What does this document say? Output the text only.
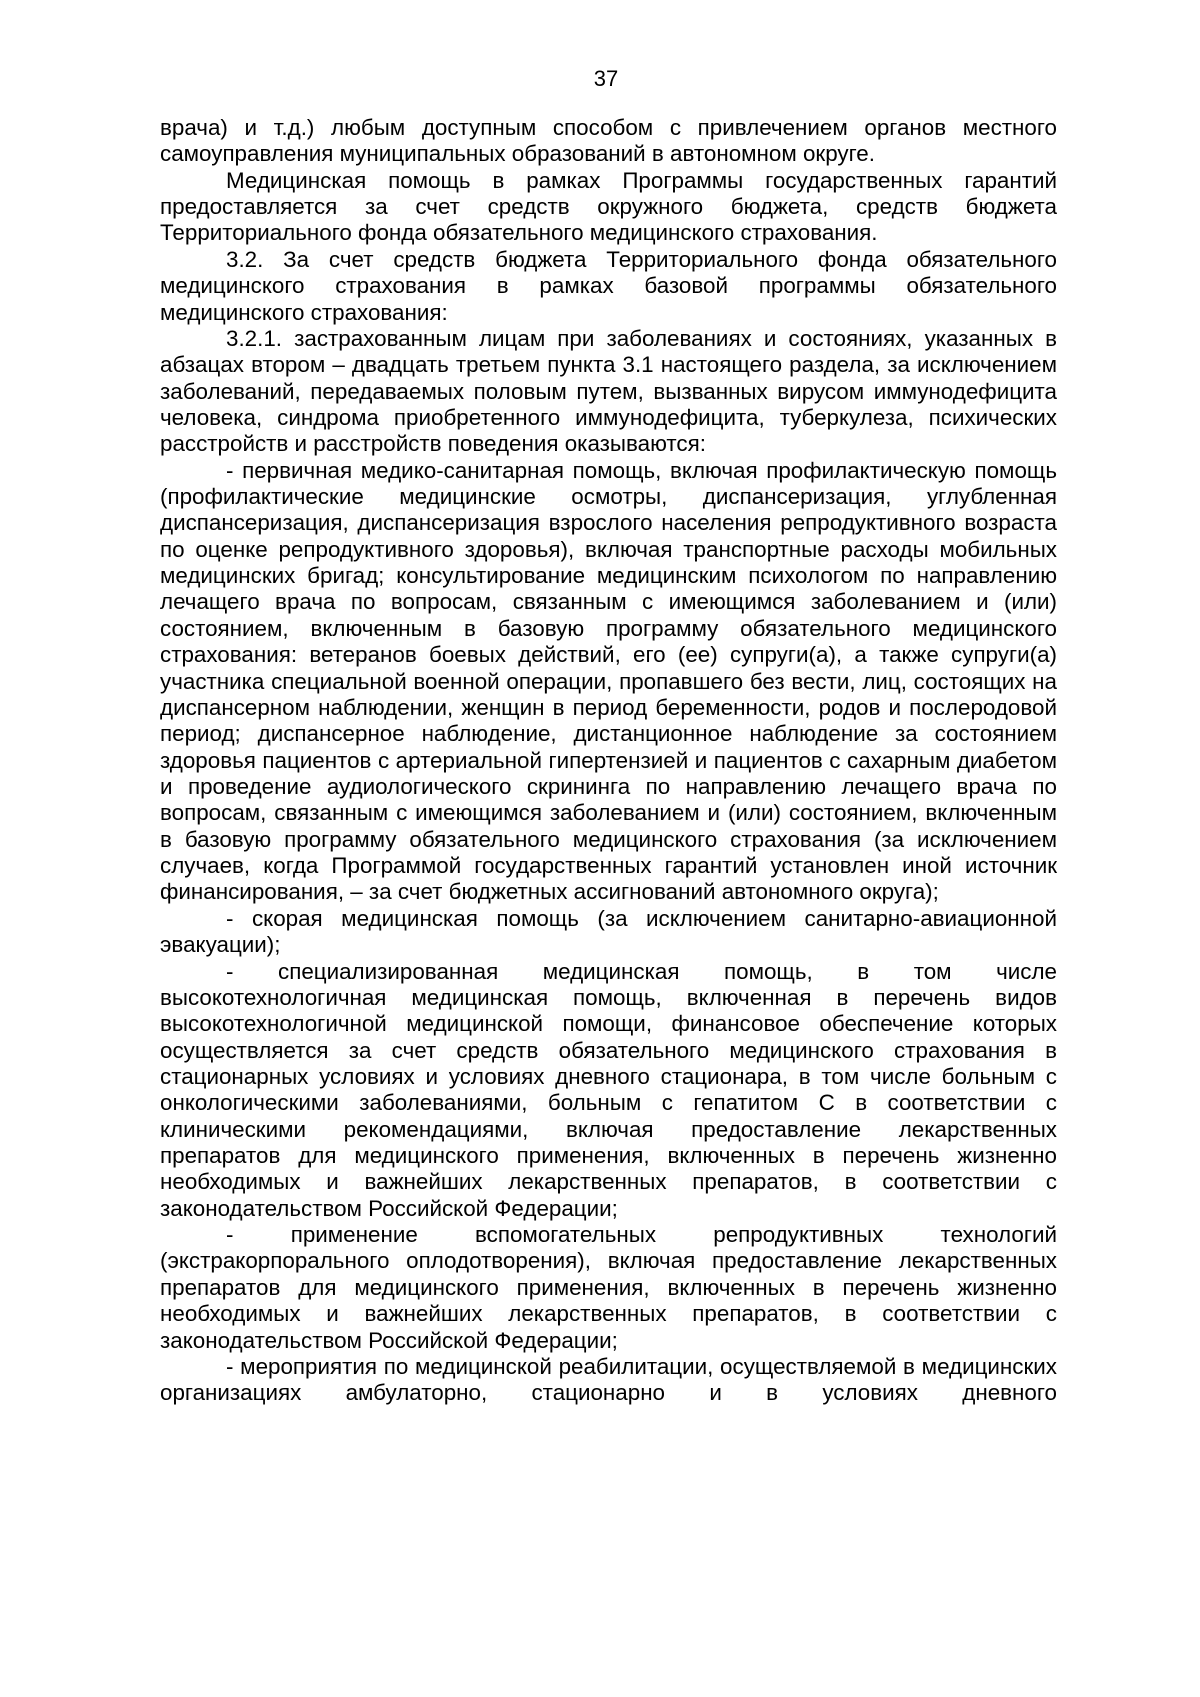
37

врача) и т.д.) любым доступным способом с привлечением органов местного самоуправления муниципальных образований в автономном округе.

Медицинская помощь в рамках Программы государственных гарантий предоставляется за счет средств окружного бюджета, средств бюджета Территориального фонда обязательного медицинского страхования.

3.2. За счет средств бюджета Территориального фонда обязательного медицинского страхования в рамках базовой программы обязательного медицинского страхования:

3.2.1. застрахованным лицам при заболеваниях и состояниях, указанных в абзацах втором – двадцать третьем пункта 3.1 настоящего раздела, за исключением заболеваний, передаваемых половым путем, вызванных вирусом иммунодефицита человека, синдрома приобретенного иммунодефицита, туберкулеза, психических расстройств и расстройств поведения оказываются:

- первичная медико-санитарная помощь, включая профилактическую помощь (профилактические медицинские осмотры, диспансеризация, углубленная диспансеризация, диспансеризация взрослого населения репродуктивного возраста по оценке репродуктивного здоровья), включая транспортные расходы мобильных медицинских бригад; консультирование медицинским психологом по направлению лечащего врача по вопросам, связанным с имеющимся заболеванием и (или) состоянием, включенным в базовую программу обязательного медицинского страхования: ветеранов боевых действий, его (ее) супруги(а), а также супруги(а) участника специальной военной операции, пропавшего без вести, лиц, состоящих на диспансерном наблюдении, женщин в период беременности, родов и послеродовой период; диспансерное наблюдение, дистанционное наблюдение за состоянием здоровья пациентов с артериальной гипертензией и пациентов с сахарным диабетом и проведение аудиологического скрининга по направлению лечащего врача по вопросам, связанным с имеющимся заболеванием и (или) состоянием, включенным в базовую программу обязательного медицинского страхования (за исключением случаев, когда Программой государственных гарантий установлен иной источник финансирования, – за счет бюджетных ассигнований автономного округа);

- скорая медицинская помощь (за исключением санитарно-авиационной эвакуации);

- специализированная медицинская помощь, в том числе высокотехнологичная медицинская помощь, включенная в перечень видов высокотехнологичной медицинской помощи, финансовое обеспечение которых осуществляется за счет средств обязательного медицинского страхования в стационарных условиях и условиях дневного стационара, в том числе больным с онкологическими заболеваниями, больным с гепатитом С в соответствии с клиническими рекомендациями, включая предоставление лекарственных препаратов для медицинского применения, включенных в перечень жизненно необходимых и важнейших лекарственных препаратов, в соответствии с законодательством Российской Федерации;

- применение вспомогательных репродуктивных технологий (экстракорпорального оплодотворения), включая предоставление лекарственных препаратов для медицинского применения, включенных в перечень жизненно необходимых и важнейших лекарственных препаратов, в соответствии с законодательством Российской Федерации;

- мероприятия по медицинской реабилитации, осуществляемой в медицинских организациях амбулаторно, стационарно и в условиях дневного
